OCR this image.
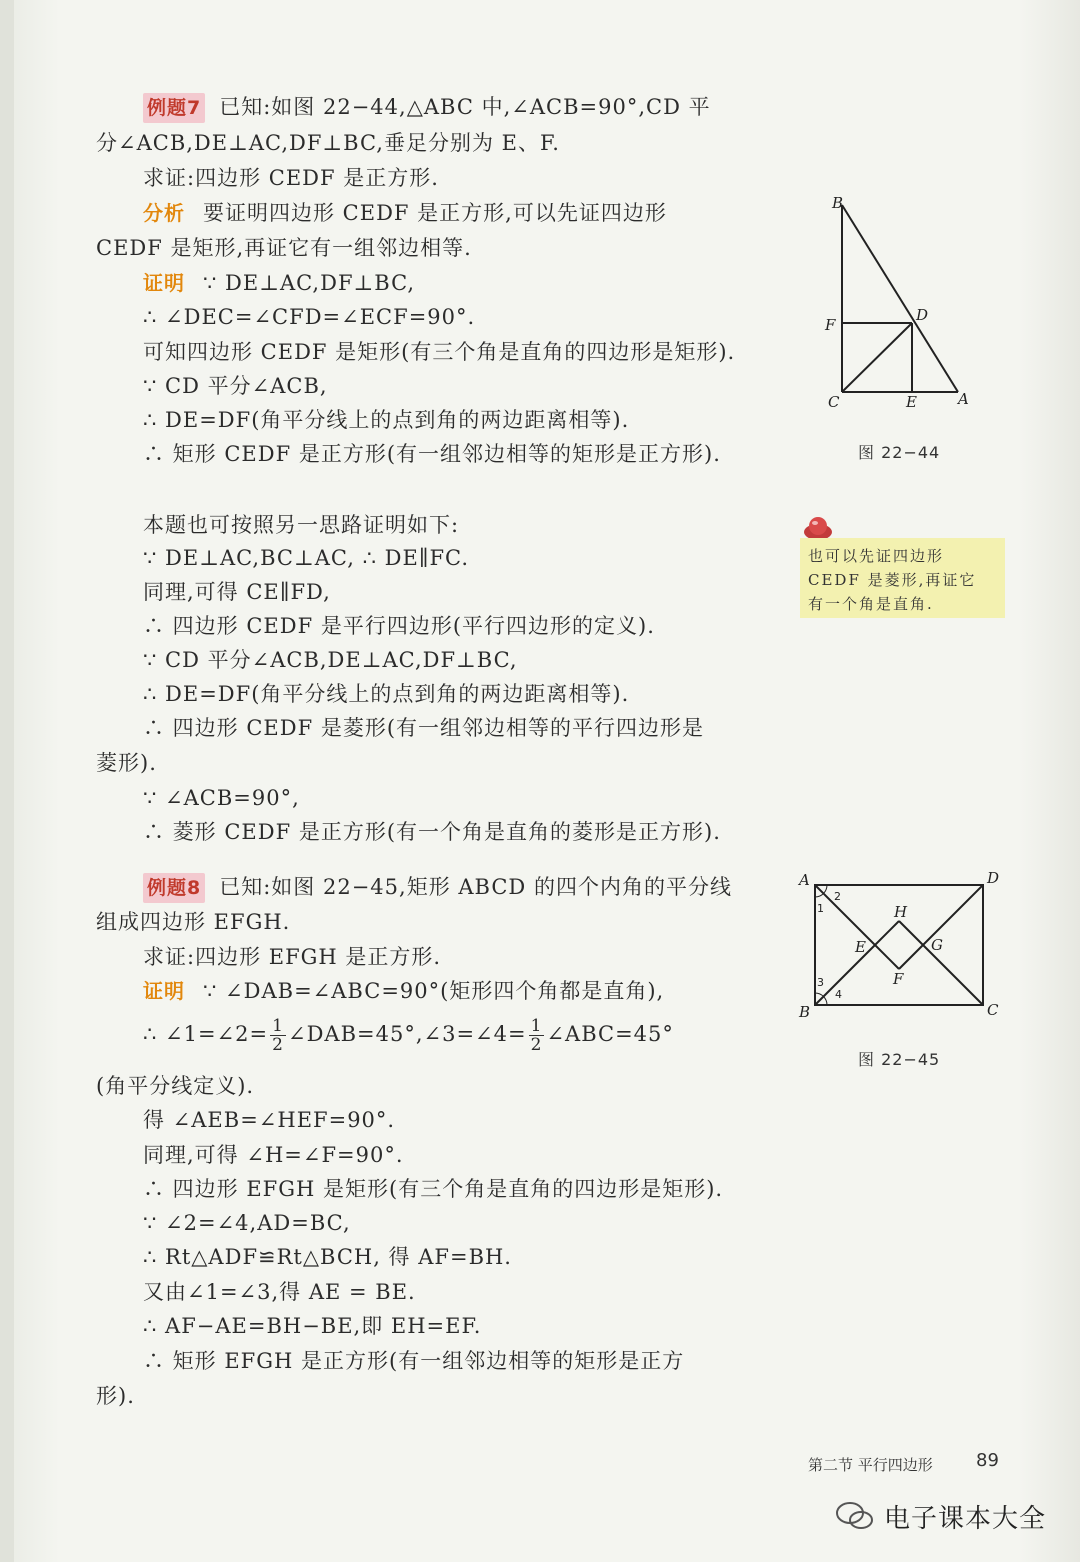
例题7 已知:如图 22−44,△ABC 中,∠ACB=90°,CD 平
分∠ACB,DE⊥AC,DF⊥BC,垂足分别为 E、F.
求证:四边形 CEDF 是正方形.
分析 要证明四边形 CEDF 是正方形,可以先证四边形
CEDF 是矩形,再证它有一组邻边相等.
证明 ∵ DE⊥AC,DF⊥BC,
∴ ∠DEC=∠CFD=∠ECF=90°.
可知四边形 CEDF 是矩形(有三个角是直角的四边形是矩形).
∵ CD 平分∠ACB,
∴ DE=DF(角平分线上的点到角的两边距离相等).
∴ 矩形 CEDF 是正方形(有一组邻边相等的矩形是正方形).
本题也可按照另一思路证明如下:
∵ DE⊥AC,BC⊥AC, ∴ DE∥FC.
同理,可得 CE∥FD,
∴ 四边形 CEDF 是平行四边形(平行四边形的定义).
∵ CD 平分∠ACB,DE⊥AC,DF⊥BC,
∴ DE=DF(角平分线上的点到角的两边距离相等).
∴ 四边形 CEDF 是菱形(有一组邻边相等的平行四边形是
菱形).
∵ ∠ACB=90°,
∴ 菱形 CEDF 是正方形(有一个角是直角的菱形是正方形).
B
F
D
C	E	A
图 22−44
也可以先证四边形
CEDF 是菱形,再证它
有一个角是直角.
例题8 已知:如图 22−45,矩形 ABCD 的四个内角的平分线
组成四边形 EFGH.
求证:四边形 EFGH 是正方形.
证明 ∵ ∠DAB=∠ABC=90°(矩形四个角都是直角),
∴ ∠1=∠2= $\frac{1}{2}$ ∠DAB=45°,∠3=∠4= $\frac{1}{2}$ ∠ABC=45°
(角平分线定义).
得 ∠AEB=∠HEF=90°.
同理,可得 ∠H=∠F=90°.
∴ 四边形 EFGH 是矩形(有三个角是直角的四边形是矩形).
∵ ∠2=∠4,AD=BC,
∴ Rt△ADF≌Rt△BCH, 得 AF=BH.
又由∠1=∠3,得 AE = BE.
∴ AF−AE=BH−BE,即 EH=EF.
∴ 矩形 EFGH 是正方形(有一组邻边相等的矩形是正方
形).
A	D
B	C
H
E	G
F
1
2
3
4
图 22−45
第二节 平行四边形 89
电子课本大全
